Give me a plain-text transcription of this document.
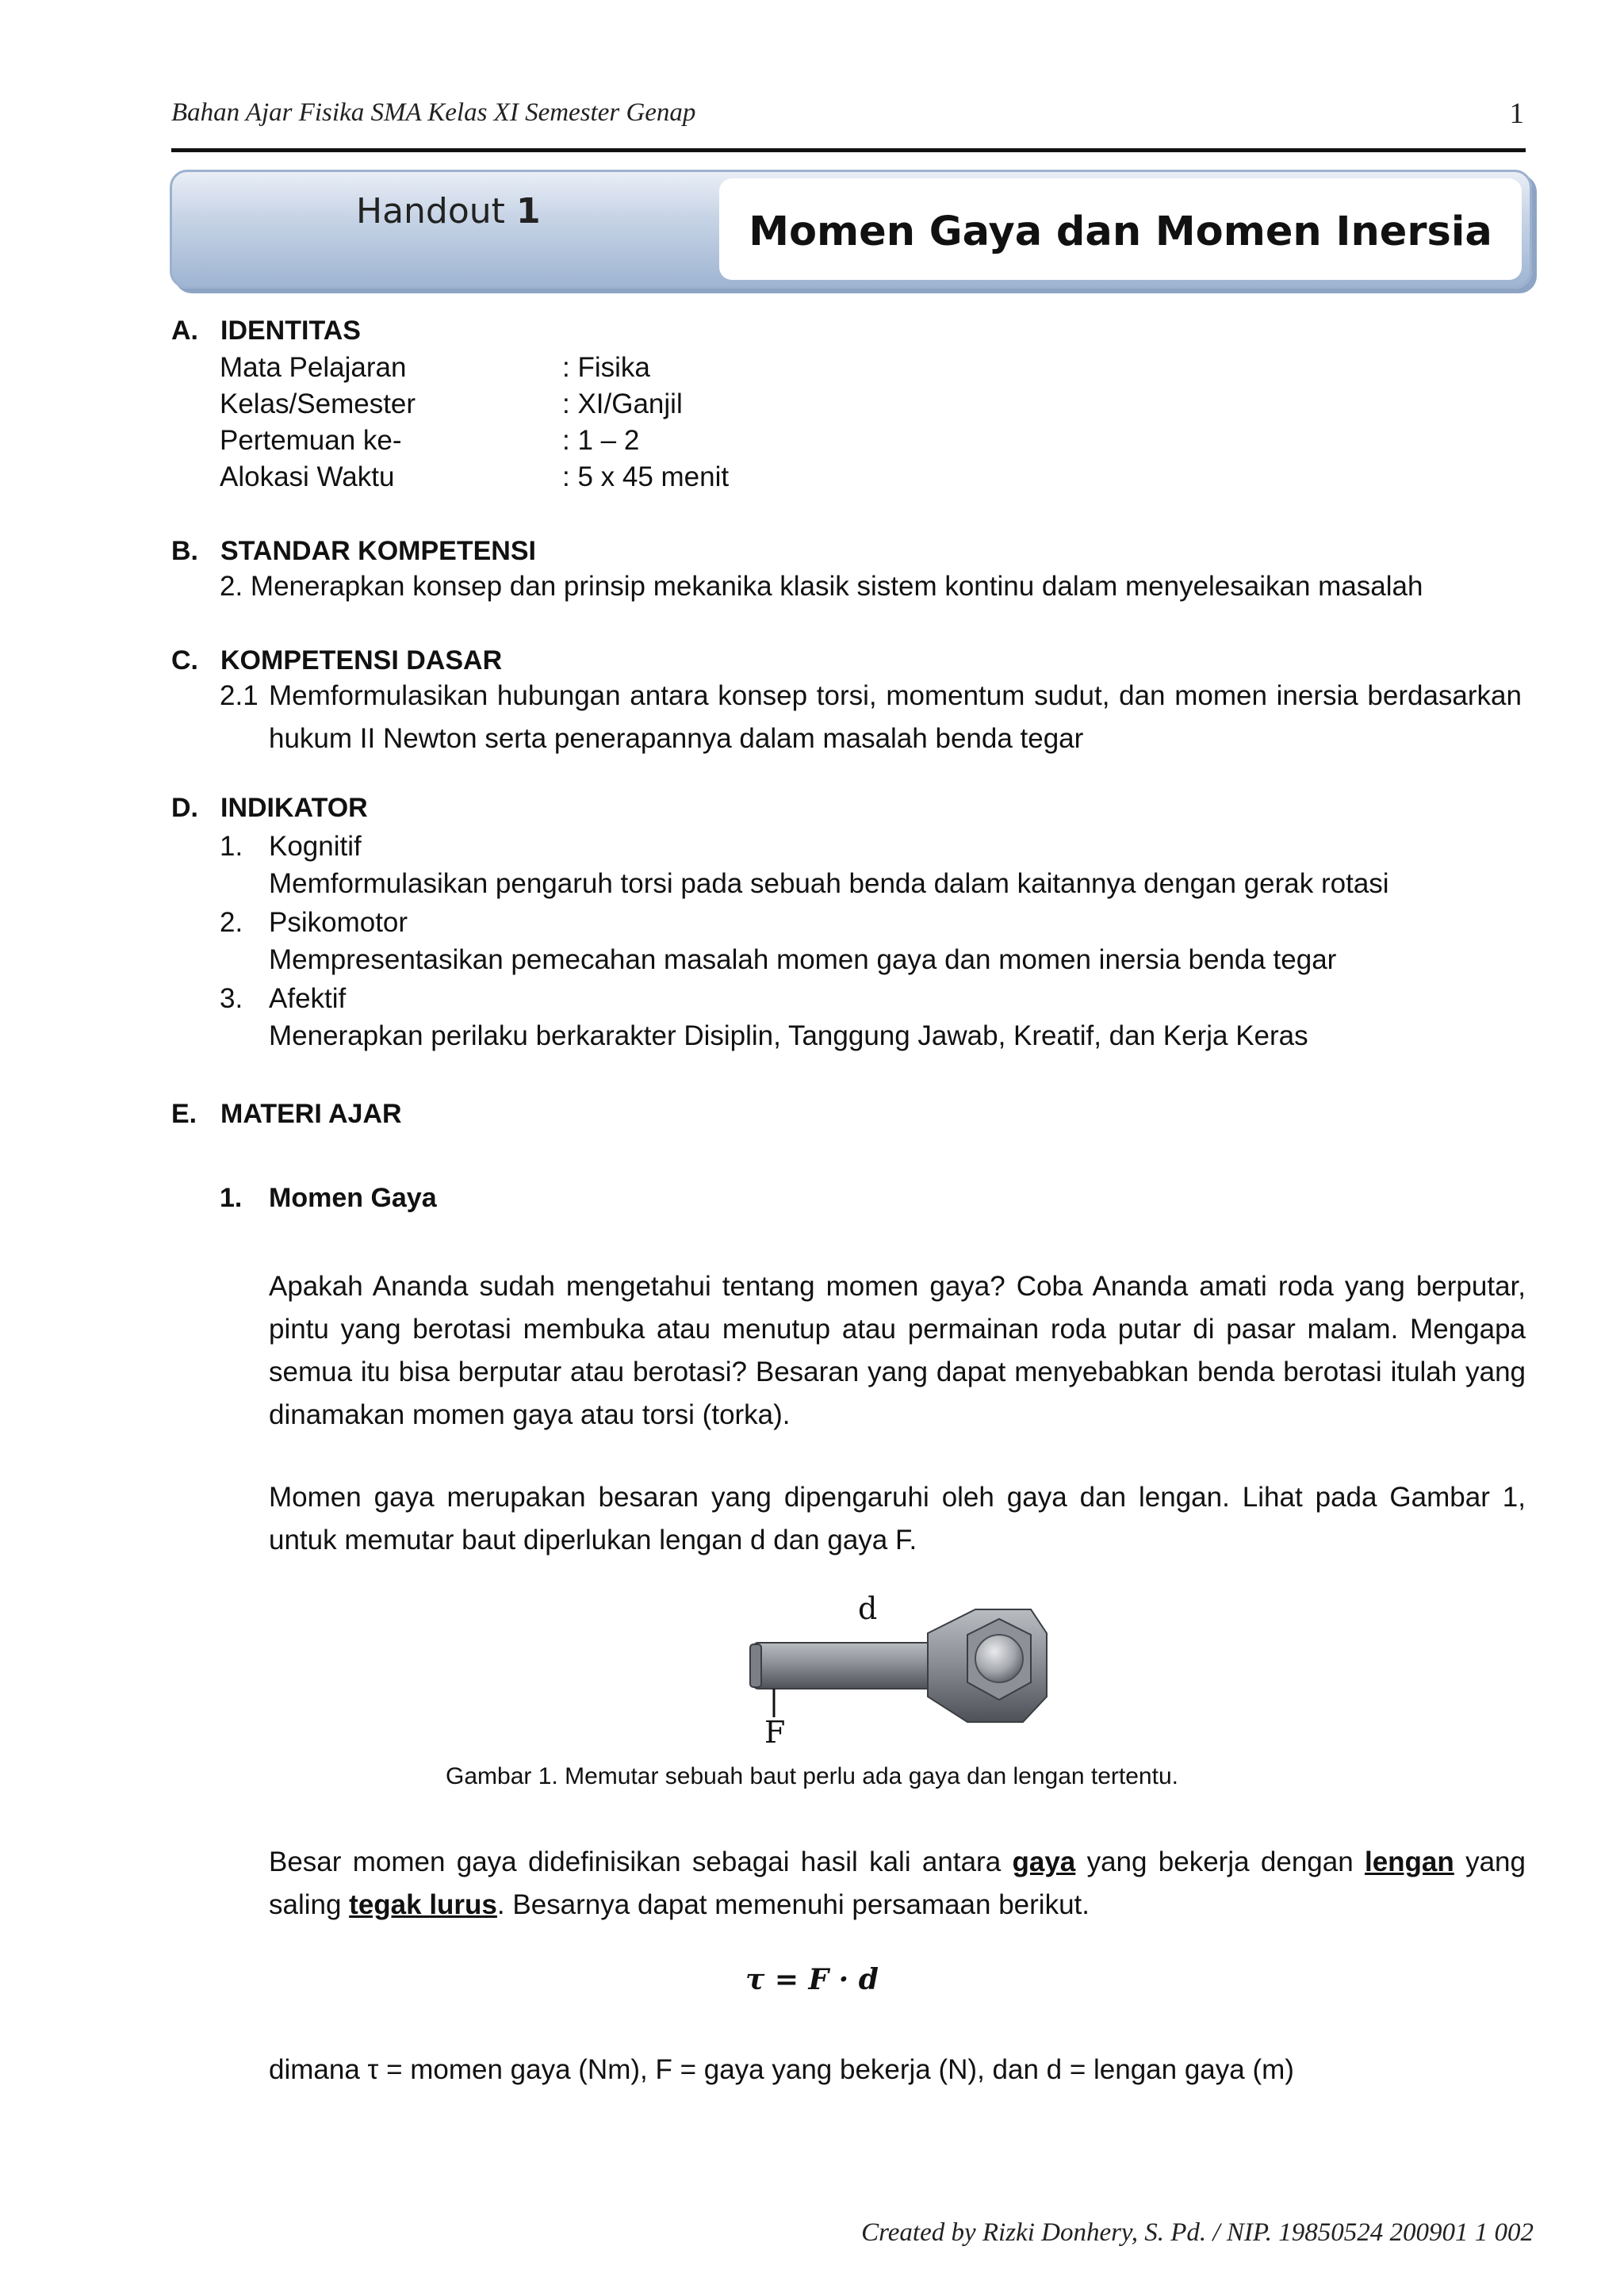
Bahan Ajar Fisika SMA Kelas XI Semester Genap	1
Handout 1	Momen Gaya dan Momen Inersia
A. IDENTITAS
Mata Pelajaran	: Fisika
Kelas/Semester	: XI/Ganjil
Pertemuan ke-	: 1 – 2
Alokasi Waktu	: 5 x 45 menit
B. STANDAR KOMPETENSI
2. Menerapkan konsep dan prinsip mekanika klasik sistem kontinu dalam menyelesaikan masalah
C. KOMPETENSI DASAR
2.1 Memformulasikan hubungan antara konsep torsi, momentum sudut, dan momen inersia berdasarkan
hukum II Newton serta penerapannya dalam masalah benda tegar
D. INDIKATOR
1. Kognitif
Memformulasikan pengaruh torsi pada sebuah benda dalam kaitannya dengan gerak rotasi
2. Psikomotor
Mempresentasikan pemecahan masalah momen gaya dan momen inersia benda tegar
3. Afektif
Menerapkan perilaku berkarakter Disiplin, Tanggung Jawab, Kreatif, dan Kerja Keras
E. MATERI AJAR
1. Momen Gaya
Apakah Ananda sudah mengetahui tentang momen gaya? Coba Ananda amati roda yang berputar, pintu yang berotasi membuka atau menutup atau permainan roda putar di pasar malam. Mengapa semua itu bisa berputar atau berotasi? Besaran yang dapat menyebabkan benda berotasi itulah yang dinamakan momen gaya atau torsi (torka).
Momen gaya merupakan besaran yang dipengaruhi oleh gaya dan lengan. Lihat pada Gambar 1, untuk memutar baut diperlukan lengan d dan gaya F.
d
F
Gambar 1. Memutar sebuah baut perlu ada gaya dan lengan tertentu.
Besar momen gaya didefinisikan sebagai hasil kali antara gaya yang bekerja dengan lengan yang saling tegak lurus. Besarnya dapat memenuhi persamaan berikut.
τ = F · d
dimana τ = momen gaya (Nm), F = gaya yang bekerja (N), dan d = lengan gaya (m)
Created by Rizki Donhery, S. Pd. / NIP. 19850524 200901 1 002
